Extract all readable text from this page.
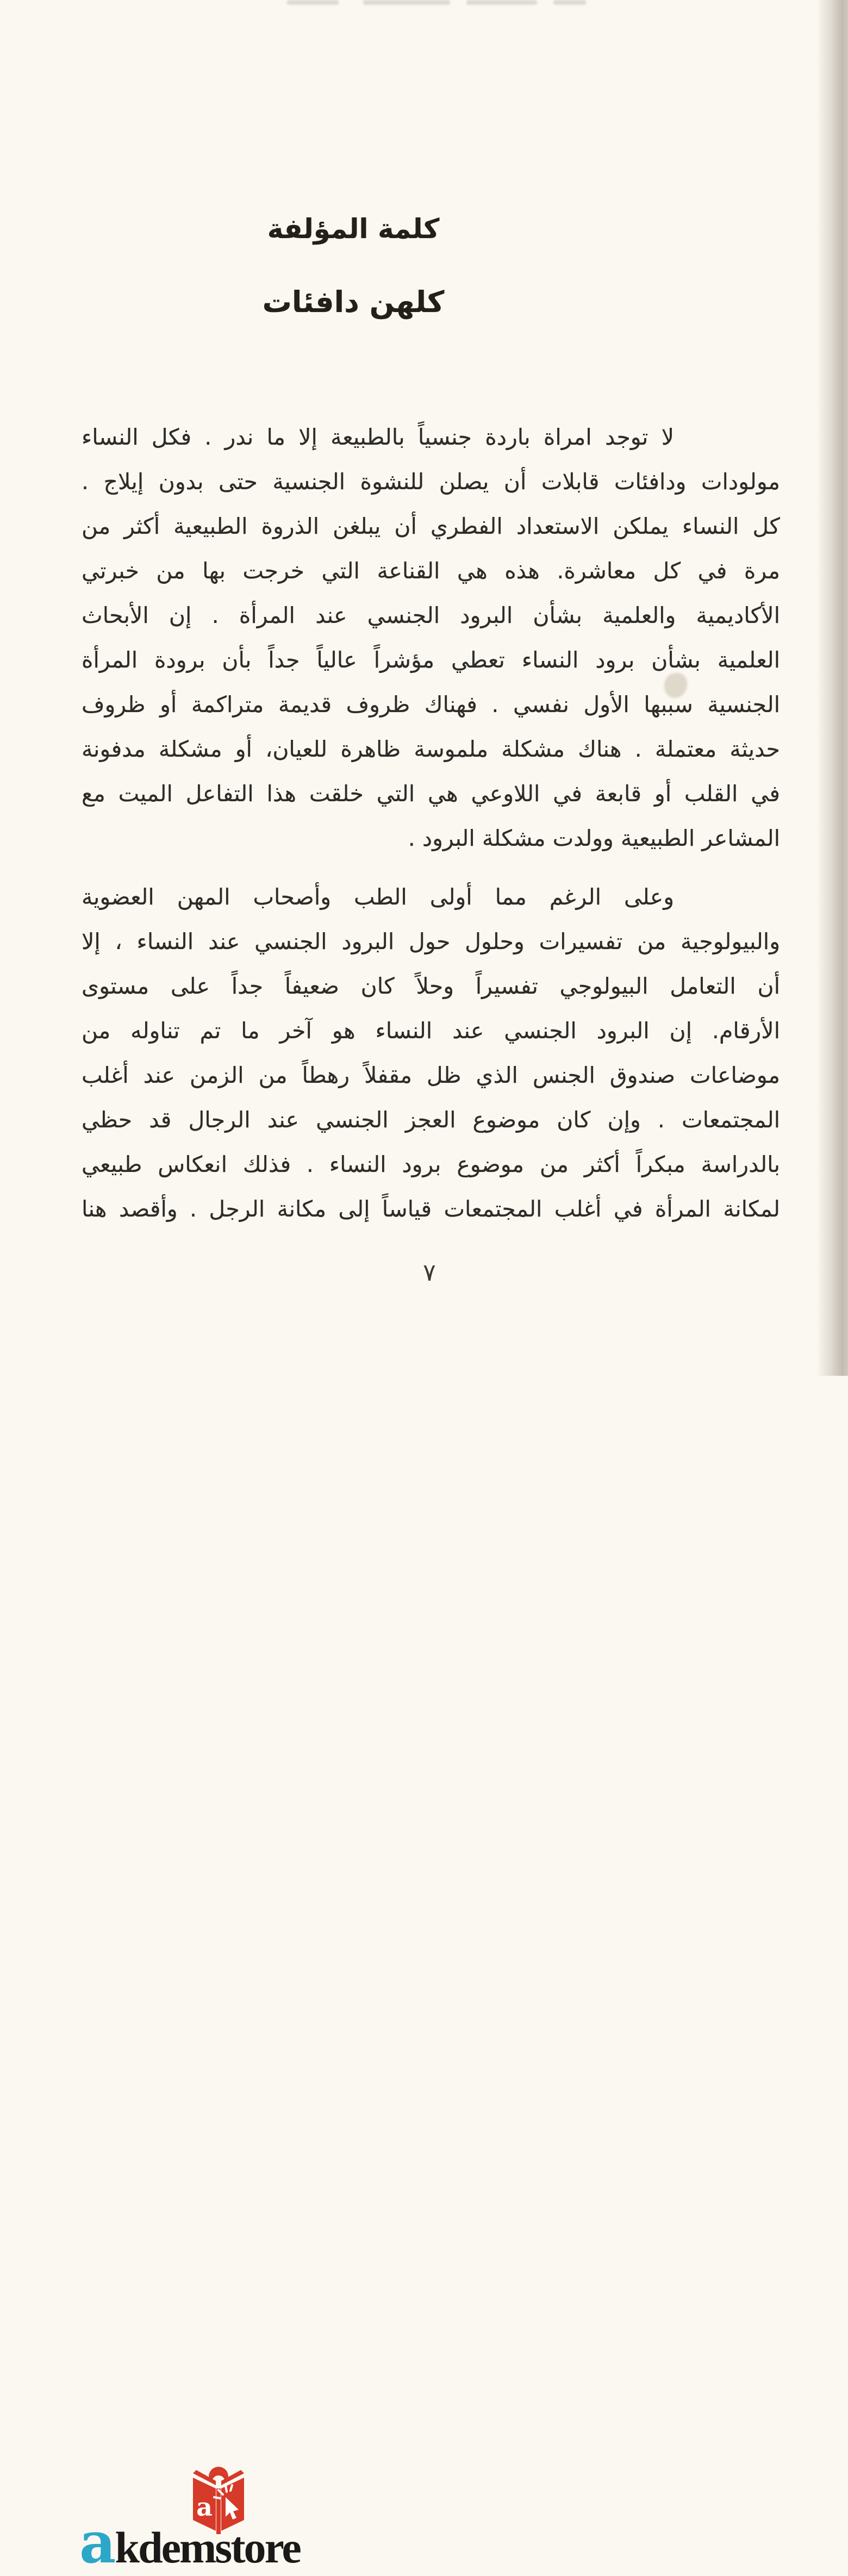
كلمة المؤلفة
كلهن دافئات
لا توجد امراة باردة جنسياً بالطبيعة إلا ما ندر . فكل النساء
مولودات ودافئات قابلات أن يصلن للنشوة الجنسية حتى بدون إيلاج .
كل النساء يملكن الاستعداد الفطري أن يبلغن الذروة الطبيعية أكثر من
مرة في كل معاشرة. هذه هي القناعة التي خرجت بها من خبرتي
الأكاديمية والعلمية بشأن البرود الجنسي عند المرأة . إن الأبحاث
العلمية بشأن برود النساء تعطي مؤشراً عالياً جداً بأن برودة المرأة
الجنسية سببها الأول نفسي . فهناك ظروف قديمة متراكمة أو ظروف
حديثة معتملة . هناك مشكلة ملموسة ظاهرة للعيان، أو مشكلة مدفونة
في القلب أو قابعة في اللاوعي هي التي خلقت هذا التفاعل الميت مع
المشاعر الطبيعية وولدت مشكلة البرود .
وعلى الرغم مما أولى الطب وأصحاب المهن العضوية
والبيولوجية من تفسيرات وحلول حول البرود الجنسي عند النساء ، إلا
أن التعامل البيولوجي تفسيراً وحلاً كان ضعيفاً جداً على مستوى
الأرقام. إن البرود الجنسي عند النساء هو آخر ما تم تناوله من
موضاعات صندوق الجنس الذي ظل مقفلاً رهطاً من الزمن عند أغلب
المجتمعات . وإن كان موضوع العجز الجنسي عند الرجال قد حظي
بالدراسة مبكراً أكثر من موضوع برود النساء . فذلك انعكاس طبيعي
لمكانة المرأة في أغلب المجتمعات قياساً إلى مكانة الرجل . وأقصد هنا
٧
a
akdemstore
